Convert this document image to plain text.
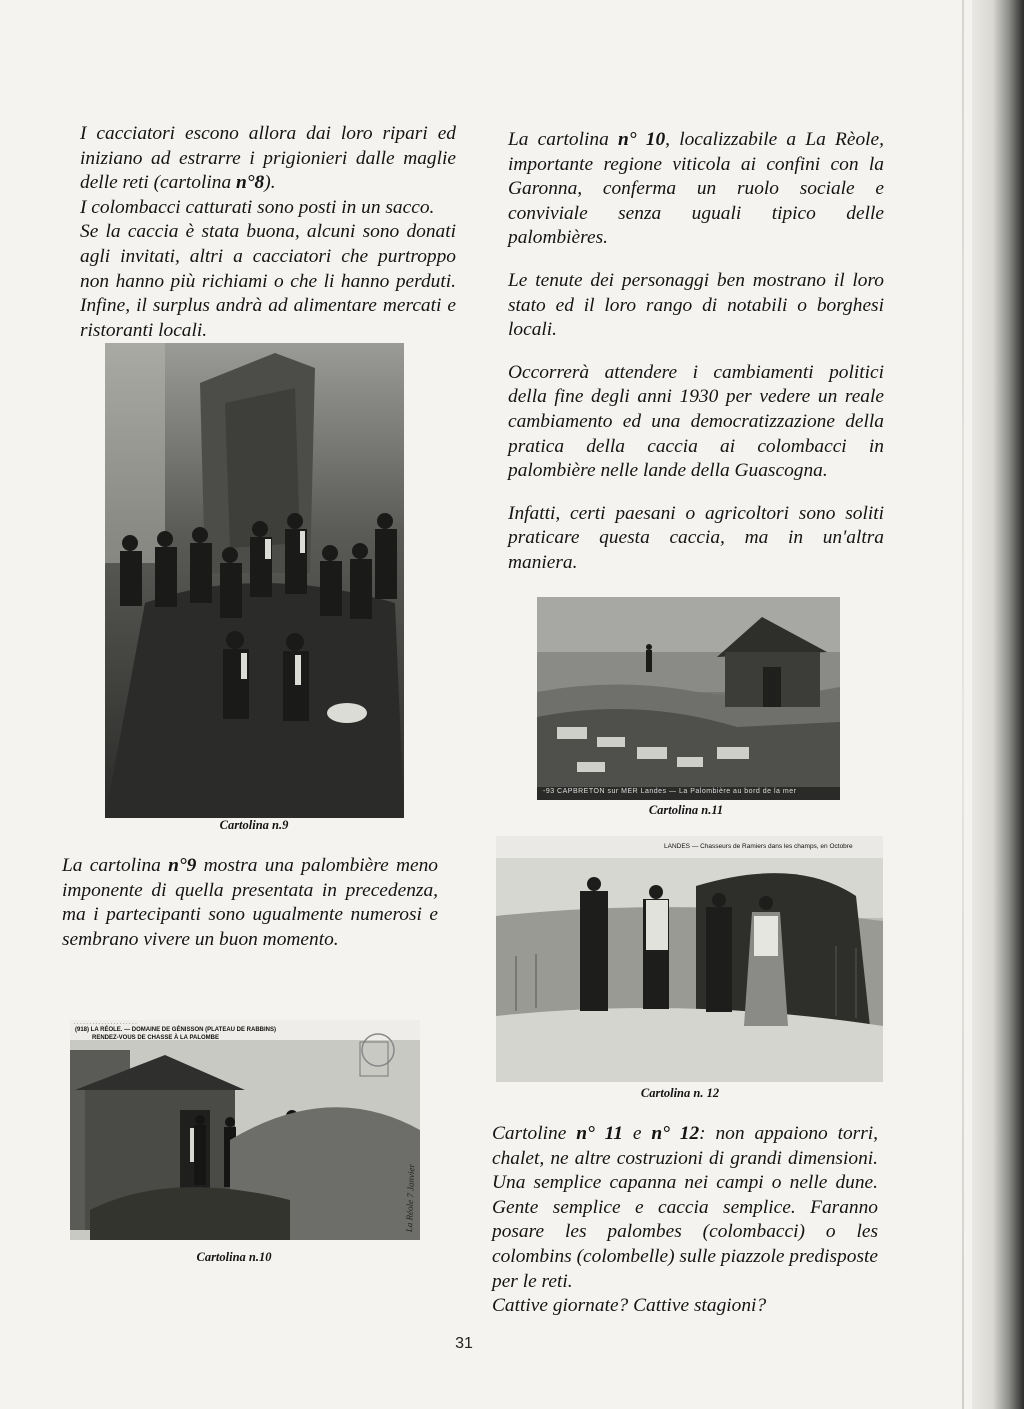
I cacciatori escono allora dai loro ripari ed iniziano ad estrarre i prigionieri dalle maglie delle reti (cartolina n°8).

I colombacci catturati sono posti in un sacco.

Se la caccia è stata buona, alcuni sono donati agli invitati, altri a cacciatori che purtroppo non hanno più richiami o che li hanno perduti. Infine, il surplus andrà ad alimentare mercati e ristoranti locali.

Cartolina n.9

La cartolina n°9 mostra una palombière meno imponente di quella presentata in precedenza, ma i partecipanti sono ugualmente numerosi e sembrano vivere un buon momento.

· · · · · · · · · · · · · · · · · · · · ·
(918) LA RÉOLE. — DOMAINE DE GÉNISSON (PLATEAU DE RABBINS)
RENDEZ-VOUS DE CHASSE À LA PALOMBE
La Réole 7 Janvier
Cartolina n.10

La cartolina n° 10, localizzabile a La Rèole, importante regione viticola ai confini con la Garonna, conferma un ruolo sociale e conviviale senza uguali tipico delle palombières.

Le tenute dei personaggi ben mostrano il loro stato ed il loro rango di notabili o borghesi locali.

Occorrerà attendere i cambiamenti politici della fine degli anni 1930 per vedere un reale cambiamento ed una democratizzazione della pratica della caccia ai colombacci in palombière nelle lande della Guascogna.

Infatti, certi paesani o agricoltori sono soliti praticare questa caccia, ma in un'altra maniera.

-93 CAPBRETON sur MER Landes — La Palombière au bord de la mer
Cartolina n.11
LANDES — Chasseurs de Ramiers dans les champs, en Octobre
Cartolina n. 12

Cartoline n° 11 e n° 12: non appaiono torri, chalet, ne altre costruzioni di grandi dimensioni. Una semplice capanna nei campi o nelle dune. Gente semplice e caccia semplice. Faranno posare les palombes (colombacci) o les colombins (colombelle) sulle piazzole predisposte per le reti.

Cattive giornate? Cattive stagioni?

31
